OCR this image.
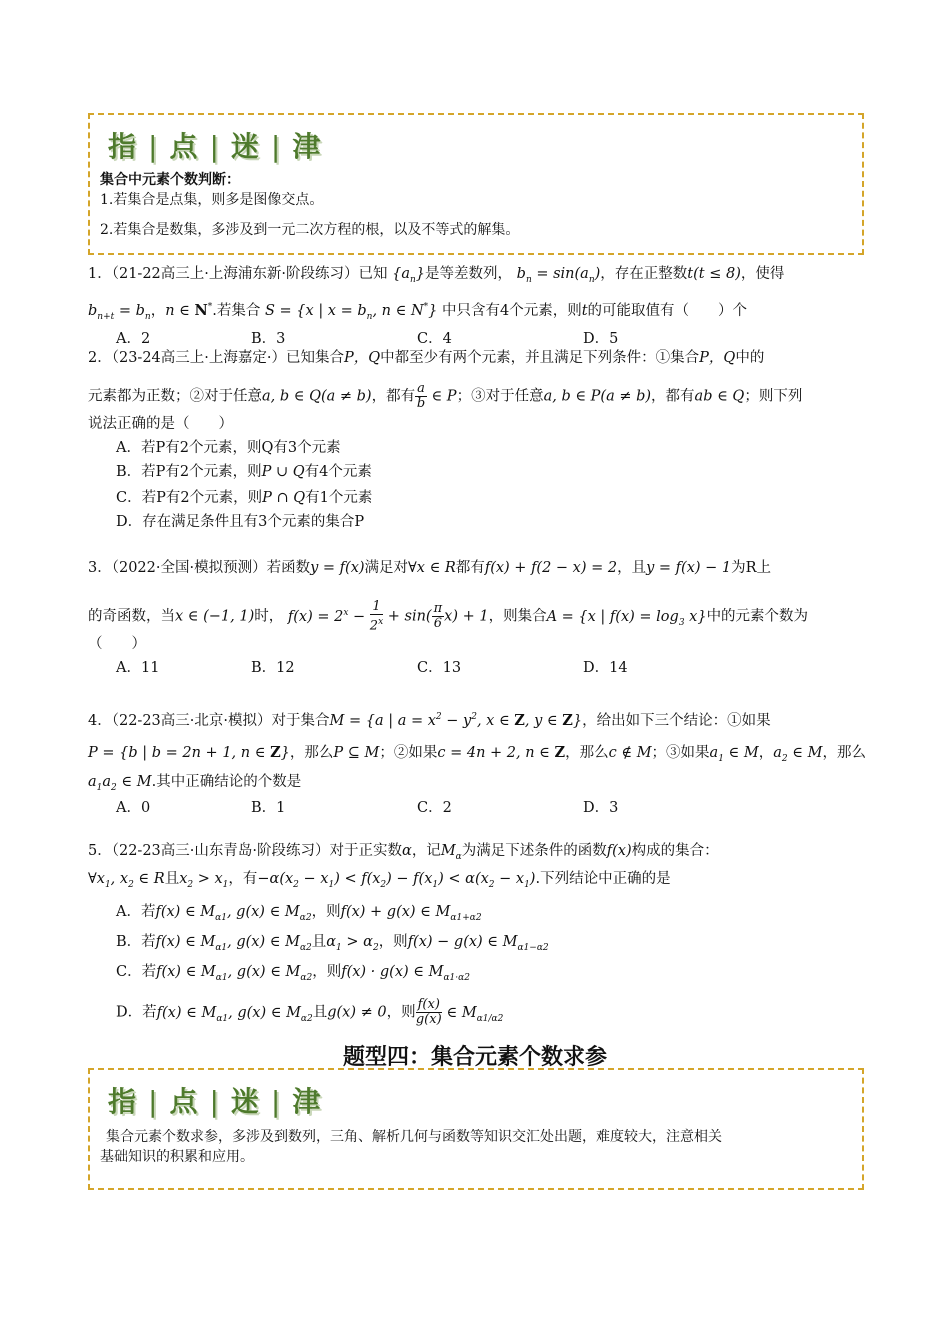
指 | 点 | 迷 | 津
集合中元素个数判断：
1.若集合是点集，则多是图像交点。
2.若集合是数集，多涉及到一元二次方程的根，以及不等式的解集。
1．（21-22高三上·上海浦东新·阶段练习）已知 $\{a_n\}$是等差数列， $b_n = \sin(a_n)$，存在正整数t(t ≤ 8)，使得
$b_{n+t} = b_n$，n ∈ N*.若集合 S = {x | $x = b_n$, n ∈ N*} 中只含有4个元素，则t的可能取值有（　　）个
A．2	B．3	C．4	D．5
2．（23-24高三上·上海嘉定·）已知集合P，Q中都至少有两个元素，并且满足下列条件：①集合P，Q中的
元素都为正数；②对于任意a, b ∈ Q(a ≠ b)，都有 $\frac{a}{b}$ ∈ P；③对于任意a, b ∈ P(a ≠ b)，都有ab ∈ Q；则下列
说法正确的是（　　）
A．若P有2个元素，则Q有3个元素
B．若P有2个元素，则P ∪ Q有4个元素
C．若P有2个元素，则P ∩ Q有1个元素
D．存在满足条件且有3个元素的集合P
3．（2022·全国·模拟预测）若函数y = f(x)满足对∀x ∈ R都有f(x) + f(2 − x) = 2，且y = f(x) − 1为R上
的奇函数，当x ∈ (−1, 1)时， $f(x) = 2^x - \frac{1}{2^x} + \sin( \frac{\pi}{6} x) + 1$，则集合A = {x | $f(x) = \log_3 x$}中的元素个数为
（　　）
A．11	B．12	C．13	D．14
4．（22-23高三·北京·模拟）对于集合M = {a | $a = x^2 - y^2$, x ∈ Z, y ∈ Z}，给出如下三个结论：①如果
P = {b | b = 2n + 1, n ∈ Z}，那么P ⊆ M；②如果c = 4n + 2, n ∈ Z，那么c ∉ M；③如果$a_1$ ∈ M，$a_2$ ∈ M，那么
$a_1a_2$ ∈ M.其中正确结论的个数是
A．0	B．1	C．2	D．3
5．（22-23高三·山东青岛·阶段练习）对于正实数α，记$M_\alpha$为满足下述条件的函数f(x)构成的集合：
$\forall x_1$, $x_2$ ∈ R且$x_2 > x_1$，有$-\alpha(x_2 - x_1) < f(x_2) - f(x_1) < \alpha(x_2 - x_1)$.下列结论中正确的是
A．若f(x) ∈ $M_{\alpha 1}$, g(x) ∈ $M_{\alpha 2}$，则f(x) + g(x) ∈ $M_{\alpha 1+\alpha 2}$
B．若f(x) ∈ $M_{\alpha 1}$, g(x) ∈ $M_{\alpha 2}$且$\alpha_1 > \alpha_2$，则f(x) − g(x) ∈ $M_{\alpha 1-\alpha 2}$
C．若f(x) ∈ $M_{\alpha 1}$, g(x) ∈ $M_{\alpha 2}$，则f(x) · g(x) ∈ $M_{\alpha 1\cdot\alpha 2}$
D．若f(x) ∈ $M_{\alpha 1}$, g(x) ∈ $M_{\alpha 2}$且g(x) ≠ 0，则 $\frac{f(x)}{g(x)}$ ∈ $M_{\alpha 1/\alpha 2}$
题型四：集合元素个数求参
指 | 点 | 迷 | 津
集合元素个数求参，多涉及到数列，三角、解析几何与函数等知识交汇处出题，难度较大，注意相关
基础知识的积累和应用。
